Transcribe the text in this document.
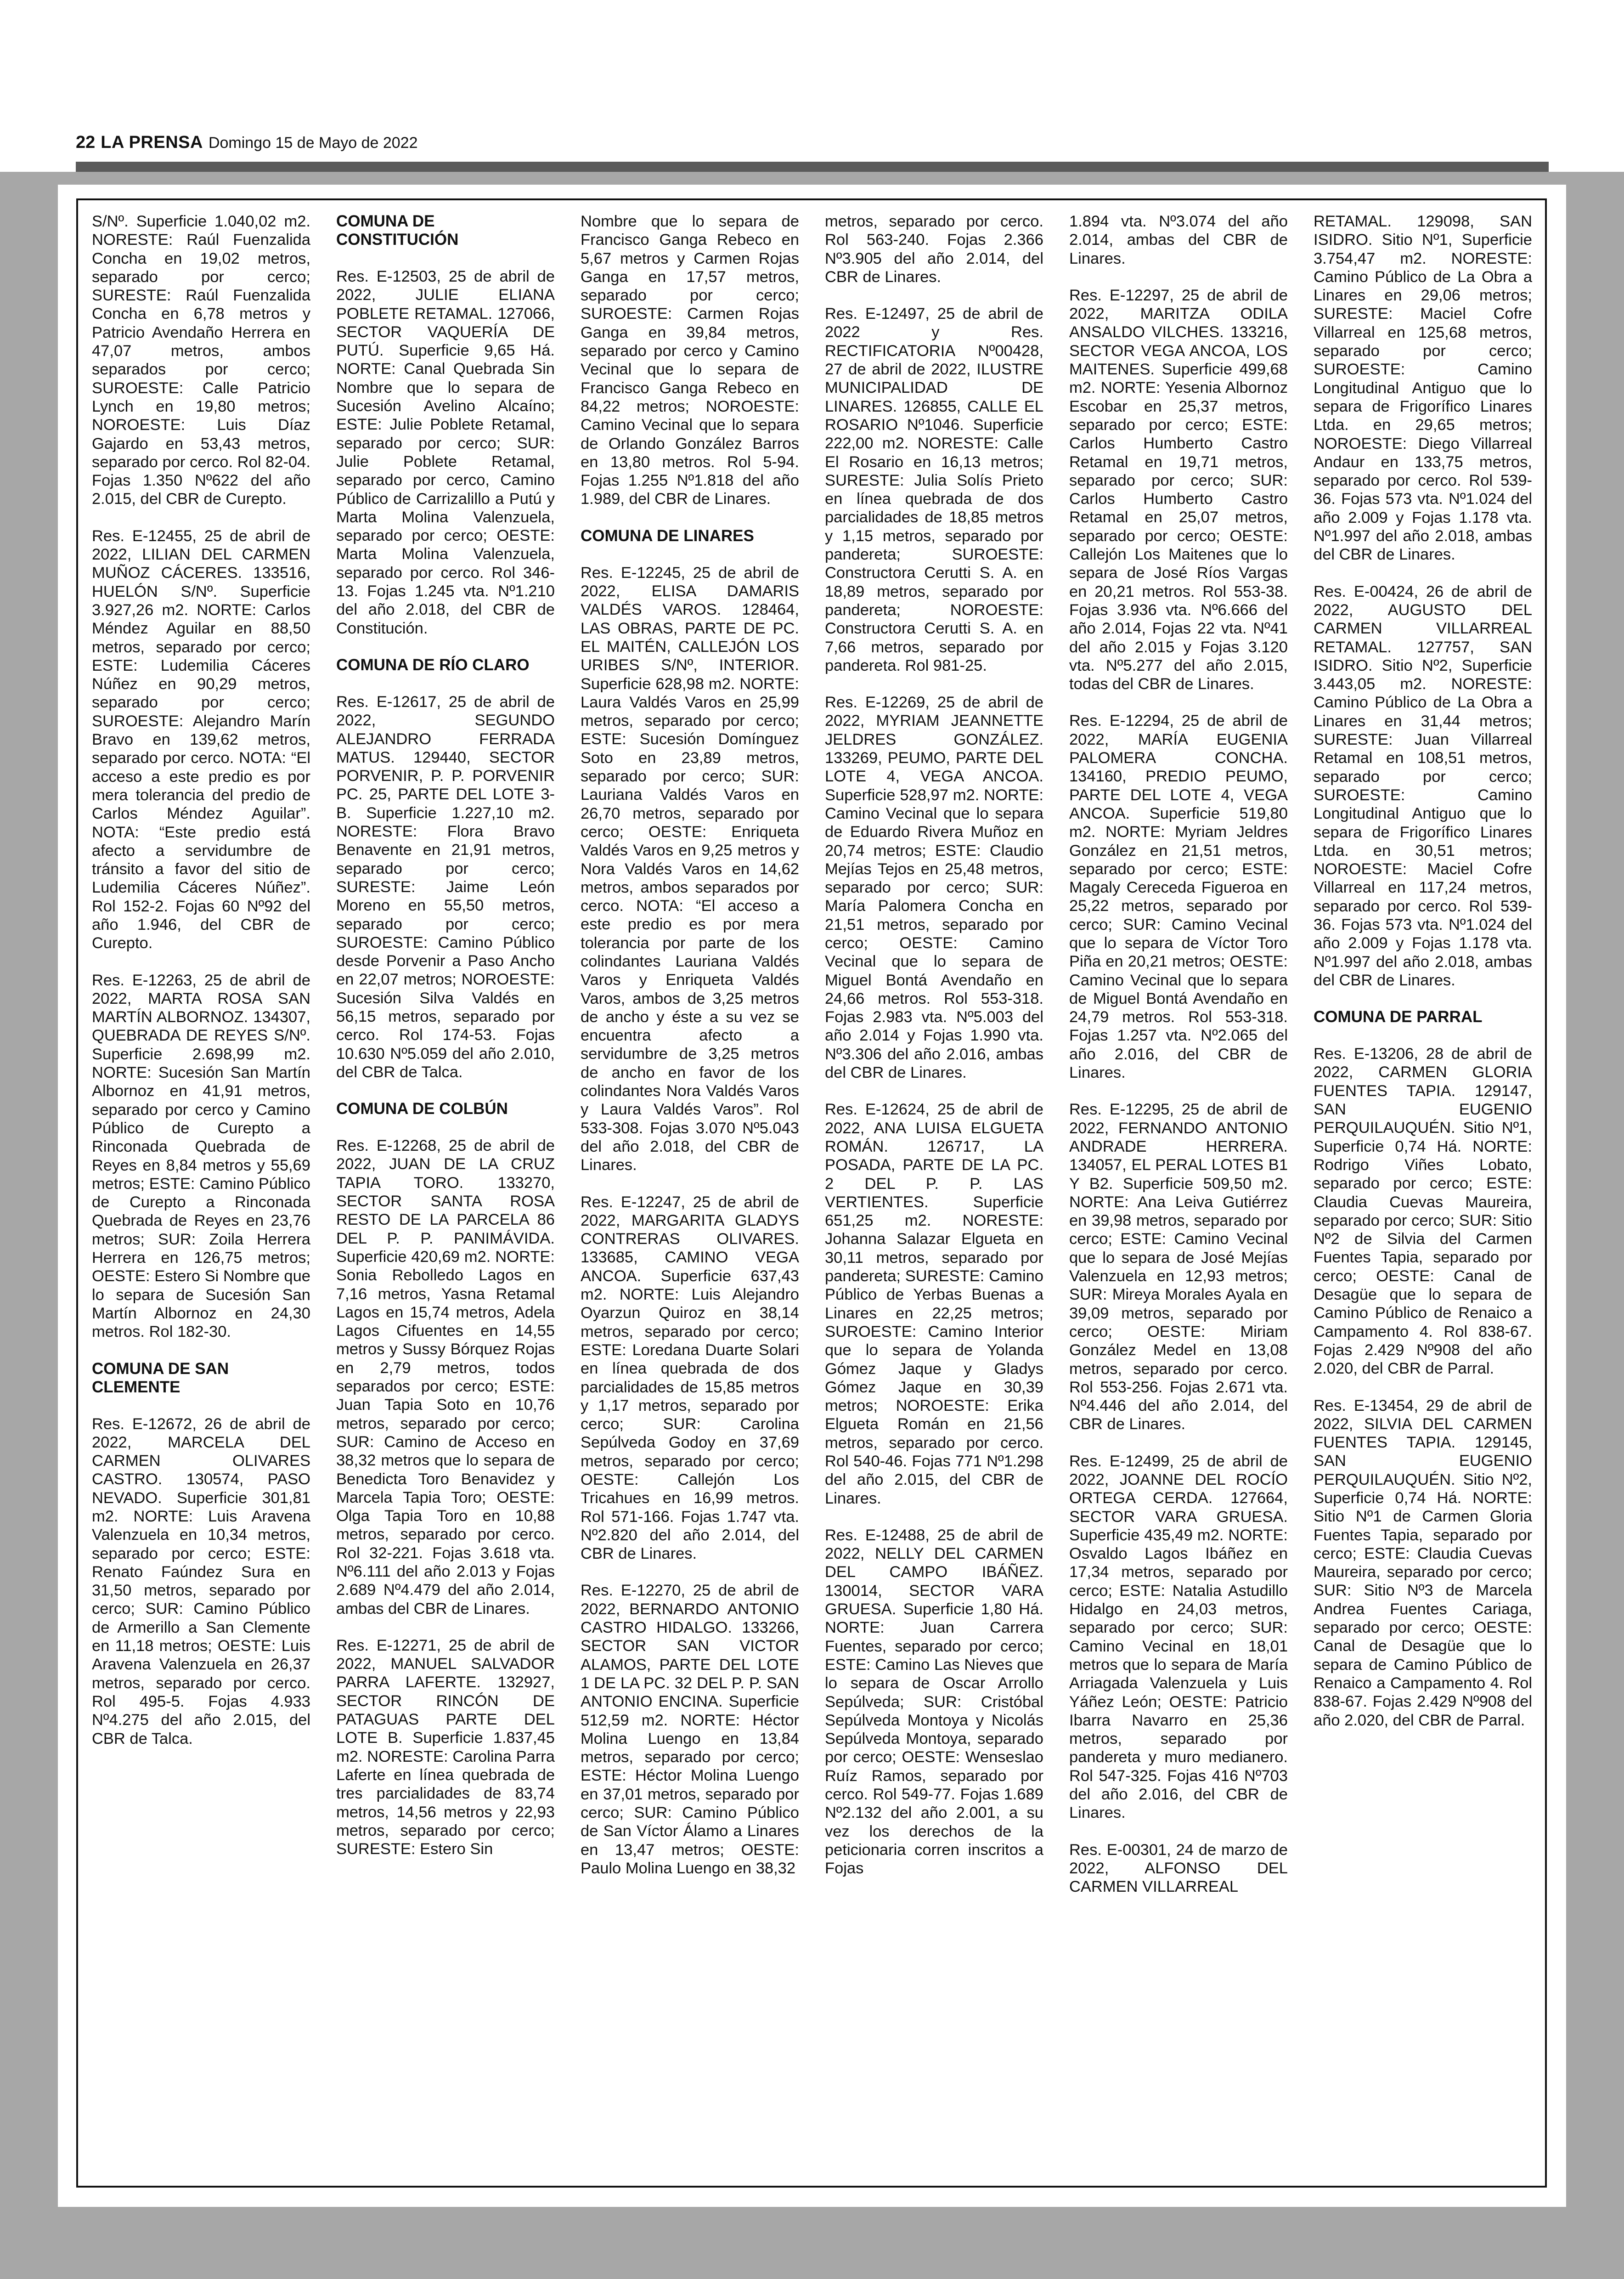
22 LA PRENSA Domingo 15 de Mayo de 2022
S/Nº. Superficie 1.040,02 m2. NORESTE: Raúl Fuenzalida Concha en 19,02 metros, separado por cerco; SURESTE: Raúl Fuenzalida Concha en 6,78 metros y Patricio Avendaño Herrera en 47,07 metros, ambos separados por cerco; SUROESTE: Calle Patricio Lynch en 19,80 metros; NOROESTE: Luis Díaz Gajardo en 53,43 metros, separado por cerco. Rol 82-04. Fojas 1.350 Nº622 del año 2.015, del CBR de Curepto.
Res. E-12455, 25 de abril de 2022, LILIAN DEL CARMEN MUÑOZ CÁCERES. 133516, HUELÓN S/Nº. Superficie 3.927,26 m2. NORTE: Carlos Méndez Aguilar en 88,50 metros, separado por cerco; ESTE: Ludemilia Cáceres Núñez en 90,29 metros, separado por cerco; SUROESTE: Alejandro Marín Bravo en 139,62 metros, separado por cerco. NOTA: “El acceso a este predio es por mera tolerancia del predio de Carlos Méndez Aguilar”. NOTA: “Este predio está afecto a servidumbre de tránsito a favor del sitio de Ludemilia Cáceres Núñez”. Rol 152-2. Fojas 60 Nº92 del año 1.946, del CBR de Curepto.
Res. E-12263, 25 de abril de 2022, MARTA ROSA SAN MARTÍN ALBORNOZ. 134307, QUEBRADA DE REYES S/Nº. Superficie 2.698,99 m2. NORTE: Sucesión San Martín Albornoz en 41,91 metros, separado por cerco y Camino Público de Curepto a Rinconada Quebrada de Reyes en 8,84 metros y 55,69 metros; ESTE: Camino Público de Curepto a Rinconada Quebrada de Reyes en 23,76 metros; SUR: Zoila Herrera Herrera en 126,75 metros; OESTE: Estero Si Nombre que lo separa de Sucesión San Martín Albornoz en 24,30 metros. Rol 182-30.
COMUNA DE SAN CLEMENTE
Res. E-12672, 26 de abril de 2022, MARCELA DEL CARMEN OLIVARES CASTRO. 130574, PASO NEVADO. Superficie 301,81 m2. NORTE: Luis Aravena Valenzuela en 10,34 metros, separado por cerco; ESTE: Renato Faúndez Sura en 31,50 metros, separado por cerco; SUR: Camino Público de Armerillo a San Clemente en 11,18 metros; OESTE: Luis Aravena Valenzuela en 26,37 metros, separado por cerco. Rol 495-5. Fojas 4.933 Nº4.275 del año 2.015, del CBR de Talca.
COMUNA DE CONSTITUCIÓN
Res. E-12503, 25 de abril de 2022, JULIE ELIANA POBLETE RETAMAL. 127066, SECTOR VAQUERÍA DE PUTÚ. Superficie 9,65 Há. NORTE: Canal Quebrada Sin Nombre que lo separa de Sucesión Avelino Alcaíno; ESTE: Julie Poblete Retamal, separado por cerco; SUR: Julie Poblete Retamal, separado por cerco, Camino Público de Carrizalillo a Putú y Marta Molina Valenzuela, separado por cerco; OESTE: Marta Molina Valenzuela, separado por cerco. Rol 346-13. Fojas 1.245 vta. Nº1.210 del año 2.018, del CBR de Constitución.
COMUNA DE RÍO CLARO
Res. E-12617, 25 de abril de 2022, SEGUNDO ALEJANDRO FERRADA MATUS. 129440, SECTOR PORVENIR, P. P. PORVENIR PC. 25, PARTE DEL LOTE 3-B. Superficie 1.227,10 m2. NORESTE: Flora Bravo Benavente en 21,91 metros, separado por cerco; SURESTE: Jaime León Moreno en 55,50 metros, separado por cerco; SUROESTE: Camino Público desde Porvenir a Paso Ancho en 22,07 metros; NOROESTE: Sucesión Silva Valdés en 56,15 metros, separado por cerco. Rol 174-53. Fojas 10.630 Nº5.059 del año 2.010, del CBR de Talca.
COMUNA DE COLBÚN
Res. E-12268, 25 de abril de 2022, JUAN DE LA CRUZ TAPIA TORO. 133270, SECTOR SANTA ROSA RESTO DE LA PARCELA 86 DEL P. P. PANIMÁVIDA. Superficie 420,69 m2. NORTE: Sonia Rebolledo Lagos en 7,16 metros, Yasna Retamal Lagos en 15,74 metros, Adela Lagos Cifuentes en 14,55 metros y Sussy Bórquez Rojas en 2,79 metros, todos separados por cerco; ESTE: Juan Tapia Soto en 10,76 metros, separado por cerco; SUR: Camino de Acceso en 38,32 metros que lo separa de Benedicta Toro Benavidez y Marcela Tapia Toro; OESTE: Olga Tapia Toro en 10,88 metros, separado por cerco. Rol 32-221. Fojas 3.618 vta. Nº6.111 del año 2.013 y Fojas 2.689 Nº4.479 del año 2.014, ambas del CBR de Linares.
Res. E-12271, 25 de abril de 2022, MANUEL SALVADOR PARRA LAFERTE. 132927, SECTOR RINCÓN DE PATAGUAS PARTE DEL LOTE B. Superficie 1.837,45 m2. NORESTE: Carolina Parra Laferte en línea quebrada de tres parcialidades de 83,74 metros, 14,56 metros y 22,93 metros, separado por cerco; SURESTE: Estero Sin
Nombre que lo separa de Francisco Ganga Rebeco en 5,67 metros y Carmen Rojas Ganga en 17,57 metros, separado por cerco; SUROESTE: Carmen Rojas Ganga en 39,84 metros, separado por cerco y Camino Vecinal que lo separa de Francisco Ganga Rebeco en 84,22 metros; NOROESTE: Camino Vecinal que lo separa de Orlando González Barros en 13,80 metros. Rol 5-94. Fojas 1.255 Nº1.818 del año 1.989, del CBR de Linares.
COMUNA DE LINARES
Res. E-12245, 25 de abril de 2022, ELISA DAMARIS VALDÉS VAROS. 128464, LAS OBRAS, PARTE DE PC. EL MAITÉN, CALLEJÓN LOS URIBES S/Nº, INTERIOR. Superficie 628,98 m2. NORTE: Laura Valdés Varos en 25,99 metros, separado por cerco; ESTE: Sucesión Domínguez Soto en 23,89 metros, separado por cerco; SUR: Lauriana Valdés Varos en 26,70 metros, separado por cerco; OESTE: Enriqueta Valdés Varos en 9,25 metros y Nora Valdés Varos en 14,62 metros, ambos separados por cerco. NOTA: “El acceso a este predio es por mera tolerancia por parte de los colindantes Lauriana Valdés Varos y Enriqueta Valdés Varos, ambos de 3,25 metros de ancho y éste a su vez se encuentra afecto a servidumbre de 3,25 metros de ancho en favor de los colindantes Nora Valdés Varos y Laura Valdés Varos”. Rol 533-308. Fojas 3.070 Nº5.043 del año 2.018, del CBR de Linares.
Res. E-12247, 25 de abril de 2022, MARGARITA GLADYS CONTRERAS OLIVARES. 133685, CAMINO VEGA ANCOA. Superficie 637,43 m2. NORTE: Luis Alejandro Oyarzun Quiroz en 38,14 metros, separado por cerco; ESTE: Loredana Duarte Solari en línea quebrada de dos parcialidades de 15,85 metros y 1,17 metros, separado por cerco; SUR: Carolina Sepúlveda Godoy en 37,69 metros, separado por cerco; OESTE: Callejón Los Tricahues en 16,99 metros. Rol 571-166. Fojas 1.747 vta. Nº2.820 del año 2.014, del CBR de Linares.
Res. E-12270, 25 de abril de 2022, BERNARDO ANTONIO CASTRO HIDALGO. 133266, SECTOR SAN VICTOR ALAMOS, PARTE DEL LOTE 1 DE LA PC. 32 DEL P. P. SAN ANTONIO ENCINA. Superficie 512,59 m2. NORTE: Héctor Molina Luengo en 13,84 metros, separado por cerco; ESTE: Héctor Molina Luengo en 37,01 metros, separado por cerco; SUR: Camino Público de San Víctor Álamo a Linares en 13,47 metros; OESTE: Paulo Molina Luengo en 38,32
metros, separado por cerco. Rol 563-240. Fojas 2.366 Nº3.905 del año 2.014, del CBR de Linares.
Res. E-12497, 25 de abril de 2022 y Res. RECTIFICATORIA Nº00428, 27 de abril de 2022, ILUSTRE MUNICIPALIDAD DE LINARES. 126855, CALLE EL ROSARIO Nº1046. Superficie 222,00 m2. NORESTE: Calle El Rosario en 16,13 metros; SURESTE: Julia Solís Prieto en línea quebrada de dos parcialidades de 18,85 metros y 1,15 metros, separado por pandereta; SUROESTE: Constructora Cerutti S. A. en 18,89 metros, separado por pandereta; NOROESTE: Constructora Cerutti S. A. en 7,66 metros, separado por pandereta. Rol 981-25.
Res. E-12269, 25 de abril de 2022, MYRIAM JEANNETTE JELDRES GONZÁLEZ. 133269, PEUMO, PARTE DEL LOTE 4, VEGA ANCOA. Superficie 528,97 m2. NORTE: Camino Vecinal que lo separa de Eduardo Rivera Muñoz en 20,74 metros; ESTE: Claudio Mejías Tejos en 25,48 metros, separado por cerco; SUR: María Palomera Concha en 21,51 metros, separado por cerco; OESTE: Camino Vecinal que lo separa de Miguel Bontá Avendaño en 24,66 metros. Rol 553-318. Fojas 2.983 vta. Nº5.003 del año 2.014 y Fojas 1.990 vta. Nº3.306 del año 2.016, ambas del CBR de Linares.
Res. E-12624, 25 de abril de 2022, ANA LUISA ELGUETA ROMÁN. 126717, LA POSADA, PARTE DE LA PC. 2 DEL P. P. LAS VERTIENTES. Superficie 651,25 m2. NORESTE: Johanna Salazar Elgueta en 30,11 metros, separado por pandereta; SURESTE: Camino Público de Yerbas Buenas a Linares en 22,25 metros; SUROESTE: Camino Interior que lo separa de Yolanda Gómez Jaque y Gladys Gómez Jaque en 30,39 metros; NOROESTE: Erika Elgueta Román en 21,56 metros, separado por cerco. Rol 540-46. Fojas 771 Nº1.298 del año 2.015, del CBR de Linares.
Res. E-12488, 25 de abril de 2022, NELLY DEL CARMEN DEL CAMPO IBÁÑEZ. 130014, SECTOR VARA GRUESA. Superficie 1,80 Há. NORTE: Juan Carrera Fuentes, separado por cerco; ESTE: Camino Las Nieves que lo separa de Oscar Arrollo Sepúlveda; SUR: Cristóbal Sepúlveda Montoya y Nicolás Sepúlveda Montoya, separado por cerco; OESTE: Wenseslao Ruíz Ramos, separado por cerco. Rol 549-77. Fojas 1.689 Nº2.132 del año 2.001, a su vez los derechos de la peticionaria corren inscritos a Fojas
1.894 vta. Nº3.074 del año 2.014, ambas del CBR de Linares.
Res. E-12297, 25 de abril de 2022, MARITZA ODILA ANSALDO VILCHES. 133216, SECTOR VEGA ANCOA, LOS MAITENES. Superficie 499,68 m2. NORTE: Yesenia Albornoz Escobar en 25,37 metros, separado por cerco; ESTE: Carlos Humberto Castro Retamal en 19,71 metros, separado por cerco; SUR: Carlos Humberto Castro Retamal en 25,07 metros, separado por cerco; OESTE: Callejón Los Maitenes que lo separa de José Ríos Vargas en 20,21 metros. Rol 553-38. Fojas 3.936 vta. Nº6.666 del año 2.014, Fojas 22 vta. Nº41 del año 2.015 y Fojas 3.120 vta. Nº5.277 del año 2.015, todas del CBR de Linares.
Res. E-12294, 25 de abril de 2022, MARÍA EUGENIA PALOMERA CONCHA. 134160, PREDIO PEUMO, PARTE DEL LOTE 4, VEGA ANCOA. Superficie 519,80 m2. NORTE: Myriam Jeldres González en 21,51 metros, separado por cerco; ESTE: Magaly Cereceda Figueroa en 25,22 metros, separado por cerco; SUR: Camino Vecinal que lo separa de Víctor Toro Piña en 20,21 metros; OESTE: Camino Vecinal que lo separa de Miguel Bontá Avendaño en 24,79 metros. Rol 553-318. Fojas 1.257 vta. Nº2.065 del año 2.016, del CBR de Linares.
Res. E-12295, 25 de abril de 2022, FERNANDO ANTONIO ANDRADE HERRERA. 134057, EL PERAL LOTES B1 Y B2. Superficie 509,50 m2. NORTE: Ana Leiva Gutiérrez en 39,98 metros, separado por cerco; ESTE: Camino Vecinal que lo separa de José Mejías Valenzuela en 12,93 metros; SUR: Mireya Morales Ayala en 39,09 metros, separado por cerco; OESTE: Miriam González Medel en 13,08 metros, separado por cerco. Rol 553-256. Fojas 2.671 vta. Nº4.446 del año 2.014, del CBR de Linares.
Res. E-12499, 25 de abril de 2022, JOANNE DEL ROCÍO ORTEGA CERDA. 127664, SECTOR VARA GRUESA. Superficie 435,49 m2. NORTE: Osvaldo Lagos Ibáñez en 17,34 metros, separado por cerco; ESTE: Natalia Astudillo Hidalgo en 24,03 metros, separado por cerco; SUR: Camino Vecinal en 18,01 metros que lo separa de María Arriagada Valenzuela y Luis Yáñez León; OESTE: Patricio Ibarra Navarro en 25,36 metros, separado por pandereta y muro medianero. Rol 547-325. Fojas 416 Nº703 del año 2.016, del CBR de Linares.
Res. E-00301, 24 de marzo de 2022, ALFONSO DEL CARMEN VILLARREAL
RETAMAL. 129098, SAN ISIDRO. Sitio Nº1, Superficie 3.754,47 m2. NORESTE: Camino Público de La Obra a Linares en 29,06 metros; SURESTE: Maciel Cofre Villarreal en 125,68 metros, separado por cerco; SUROESTE: Camino Longitudinal Antiguo que lo separa de Frigorífico Linares Ltda. en 29,65 metros; NOROESTE: Diego Villarreal Andaur en 133,75 metros, separado por cerco. Rol 539-36. Fojas 573 vta. Nº1.024 del año 2.009 y Fojas 1.178 vta. Nº1.997 del año 2.018, ambas del CBR de Linares.
Res. E-00424, 26 de abril de 2022, AUGUSTO DEL CARMEN VILLARREAL RETAMAL. 127757, SAN ISIDRO. Sitio Nº2, Superficie 3.443,05 m2. NORESTE: Camino Público de La Obra a Linares en 31,44 metros; SURESTE: Juan Villarreal Retamal en 108,51 metros, separado por cerco; SUROESTE: Camino Longitudinal Antiguo que lo separa de Frigorífico Linares Ltda. en 30,51 metros; NOROESTE: Maciel Cofre Villarreal en 117,24 metros, separado por cerco. Rol 539-36. Fojas 573 vta. Nº1.024 del año 2.009 y Fojas 1.178 vta. Nº1.997 del año 2.018, ambas del CBR de Linares.
COMUNA DE PARRAL
Res. E-13206, 28 de abril de 2022, CARMEN GLORIA FUENTES TAPIA. 129147, SAN EUGENIO PERQUILAUQUÉN. Sitio Nº1, Superficie 0,74 Há. NORTE: Rodrigo Viñes Lobato, separado por cerco; ESTE: Claudia Cuevas Maureira, separado por cerco; SUR: Sitio Nº2 de Silvia del Carmen Fuentes Tapia, separado por cerco; OESTE: Canal de Desagüe que lo separa de Camino Público de Renaico a Campamento 4. Rol 838-67. Fojas 2.429 Nº908 del año 2.020, del CBR de Parral.
Res. E-13454, 29 de abril de 2022, SILVIA DEL CARMEN FUENTES TAPIA. 129145, SAN EUGENIO PERQUILAUQUÉN. Sitio Nº2, Superficie 0,74 Há. NORTE: Sitio Nº1 de Carmen Gloria Fuentes Tapia, separado por cerco; ESTE: Claudia Cuevas Maureira, separado por cerco; SUR: Sitio Nº3 de Marcela Andrea Fuentes Cariaga, separado por cerco; OESTE: Canal de Desagüe que lo separa de Camino Público de Renaico a Campamento 4. Rol 838-67. Fojas 2.429 Nº908 del año 2.020, del CBR de Parral.
